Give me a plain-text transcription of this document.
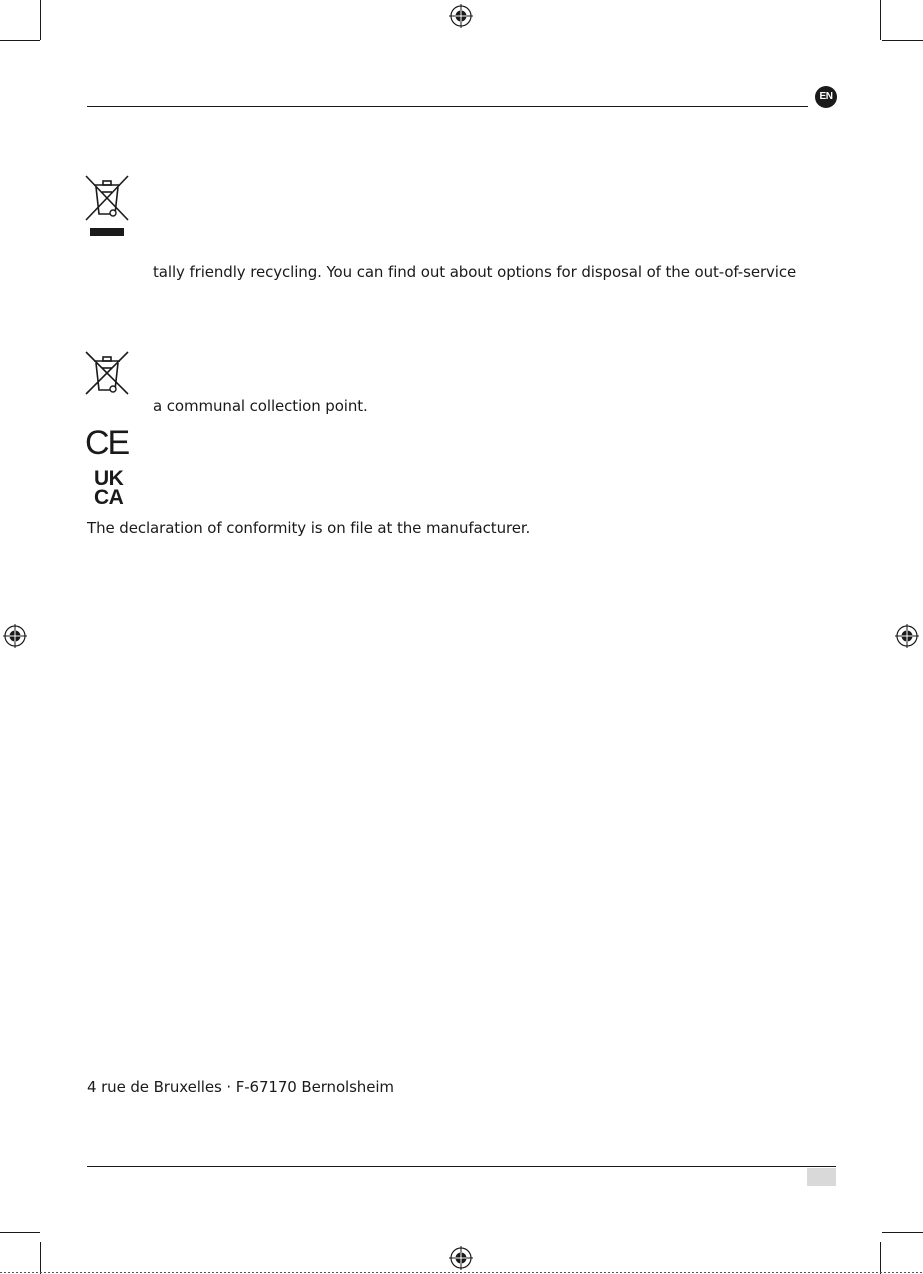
EN
tally friendly recycling. You can find out about options for disposal of the out-of-service
a communal collection point.
CE
UK
CA
The declaration of conformity is on file at the manufacturer.
4 rue de Bruxelles · F-67170 Bernolsheim
